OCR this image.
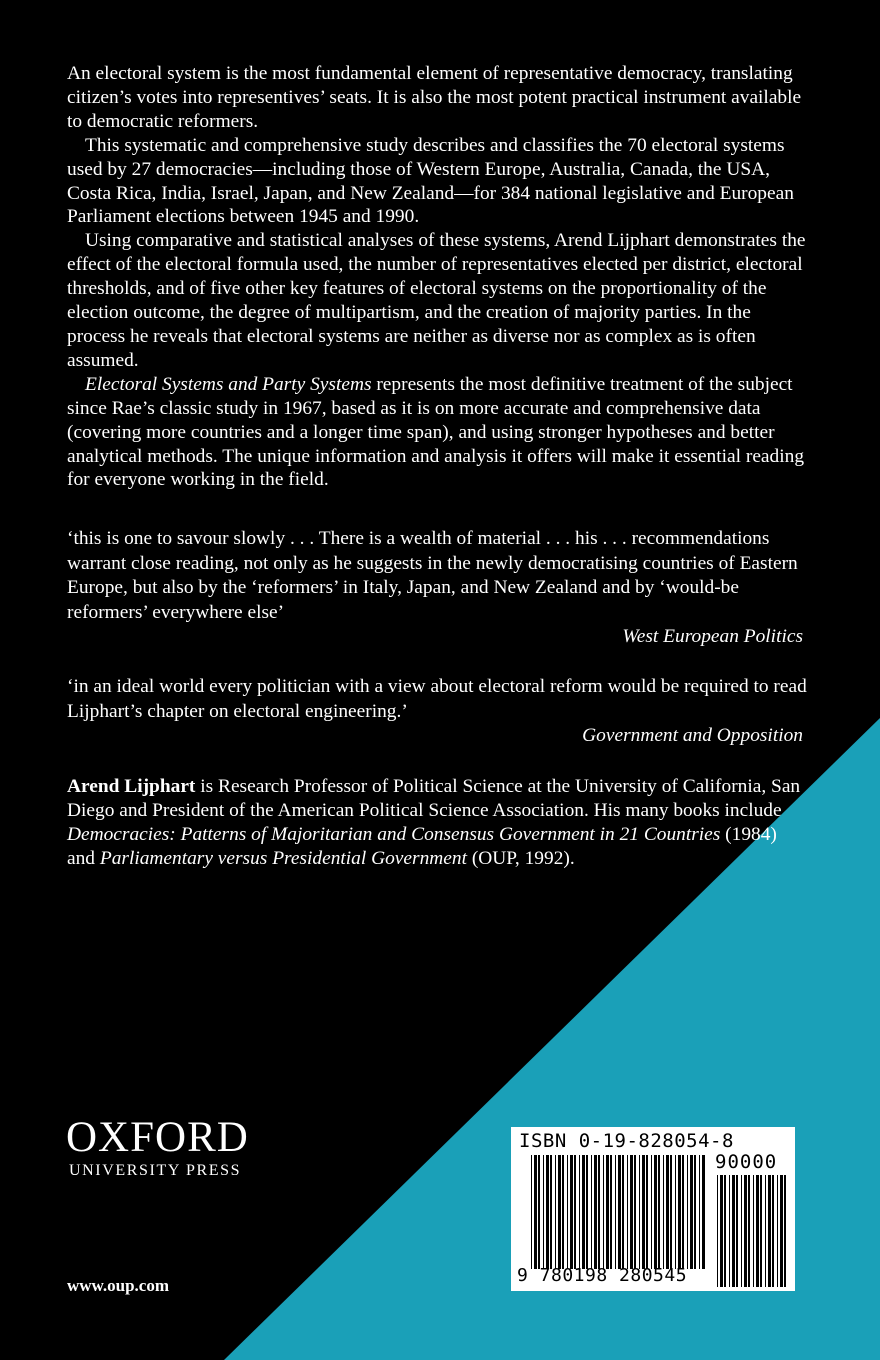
An electoral system is the most fundamental element of representative democracy, translating citizen’s votes into representives’ seats. It is also the most potent practical instrument available to democratic reformers.

This systematic and comprehensive study describes and classifies the 70 electoral systems used by 27 democracies—including those of Western Europe, Australia, Canada, the USA, Costa Rica, India, Israel, Japan, and New Zealand—for 384 national legislative and European Parliament elections between 1945 and 1990.

Using comparative and statistical analyses of these systems, Arend Lijphart demonstrates the effect of the electoral formula used, the number of representatives elected per district, electoral thresholds, and of five other key features of electoral systems on the proportionality of the election outcome, the degree of multipartism, and the creation of majority parties. In the process he reveals that electoral systems are neither as diverse nor as complex as is often assumed.

Electoral Systems and Party Systems represents the most definitive treatment of the subject since Rae’s classic study in 1967, based as it is on more accurate and comprehensive data (covering more countries and a longer time span), and using stronger hypotheses and better analytical methods. The unique information and analysis it offers will make it essential reading for everyone working in the field.

‘this is one to savour slowly . . . There is a wealth of material . . . his . . . recommendations warrant close reading, not only as he suggests in the newly democratising countries of Eastern Europe, but also by the ‘reformers’ in Italy, Japan, and New Zealand and by ‘would-be reformers’ everywhere else’
West European Politics
‘in an ideal world every politician with a view about electoral reform would be required to read Lijphart’s chapter on electoral engineering.’
Government and Opposition
Arend Lijphart is Research Professor of Political Science at the University of California, San Diego and President of the American Political Science Association. His many books include Democracies: Patterns of Majoritarian and Consensus Government in 21 Countries (1984) and Parliamentary versus Presidential Government (OUP, 1992).
OXFORD
UNIVERSITY PRESS
www.oup.com
ISBN 0-19-828054-8
90000
9 780198 280545
